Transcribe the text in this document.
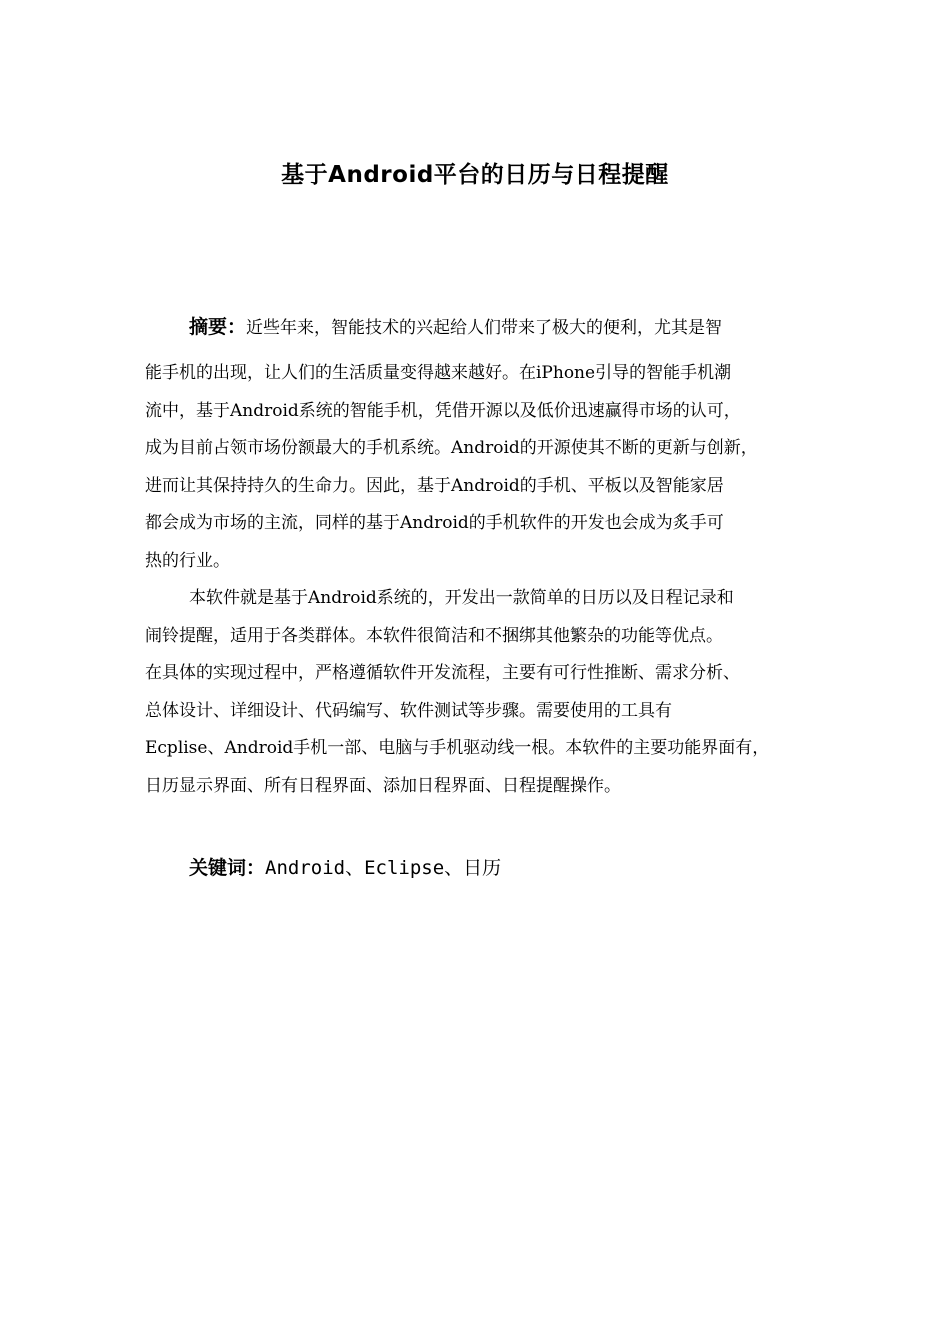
基于Android平台的日历与日程提醒

摘要：近些年来，智能技术的兴起给人们带来了极大的便利，尤其是智

能手机的出现，让人们的生活质量变得越来越好。在iPhone引导的智能手机潮

流中，基于Android系统的智能手机，凭借开源以及低价迅速赢得市场的认可，

成为目前占领市场份额最大的手机系统。Android的开源使其不断的更新与创新，

进而让其保持持久的生命力。因此，基于Android的手机、平板以及智能家居

都会成为市场的主流，同样的基于Android的手机软件的开发也会成为炙手可

热的行业。

本软件就是基于Android系统的，开发出一款简单的日历以及日程记录和

闹铃提醒，适用于各类群体。本软件很简洁和不捆绑其他繁杂的功能等优点。

在具体的实现过程中，严格遵循软件开发流程，主要有可行性推断、需求分析、

总体设计、详细设计、代码编写、软件测试等步骤。需要使用的工具有

Ecplise、Android手机一部、电脑与手机驱动线一根。本软件的主要功能界面有，

日历显示界面、所有日程界面、添加日程界面、日程提醒操作。

关键词：Android、Eclipse、日历
